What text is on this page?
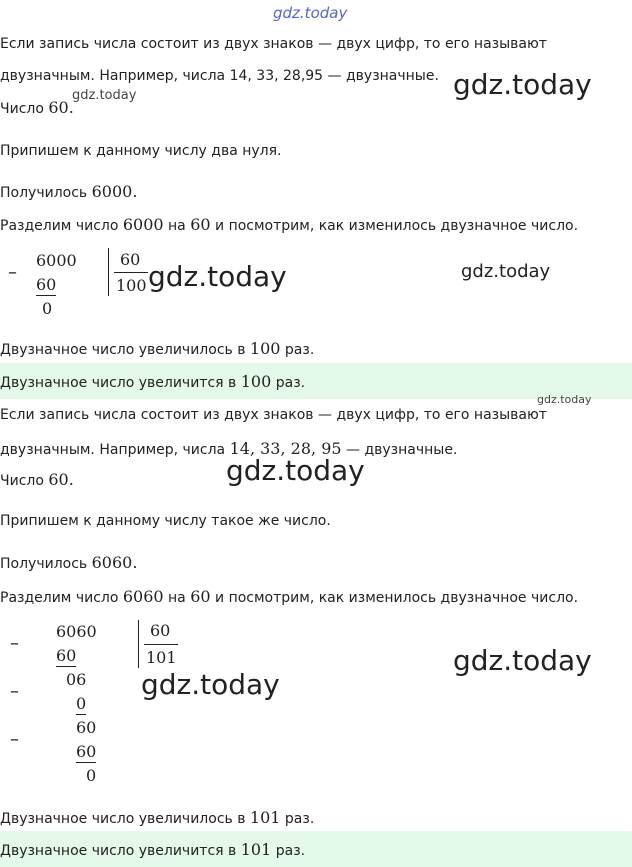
gdz.today
Если запись числа состоит из двух знаков — двух цифр, то его называют
двузначным. Например, числа 14, 33, 28,95 — двузначные. gdz.today
Число 60.
gdz.today
Припишем к данному числу два нуля.
Получилось 6000.
Разделим число 6000 на 60 и посмотрим, как изменилось двузначное число.
–
6000
60
0
60
100 gdz.today	gdz.today
Двузначное число увеличилось в 100 раз.
Двузначное число увеличится в 100 раз.
gdz.today
Если запись числа состоит из двух знаков — двух цифр, то его называют
двузначным. Например, числа 14, 33, 28, 95 — двузначные.
Число 60.	gdz.today
Припишем к данному числу такое же число.
Получилось 6060.
Разделим число 6060 на 60 и посмотрим, как изменилось двузначное число.
–
–
–
6060
60
06
0
60
60
0
60
101	gdz.today
gdz.today
Двузначное число увеличилось в 101 раз.
Двузначное число увеличится в 101 раз.
